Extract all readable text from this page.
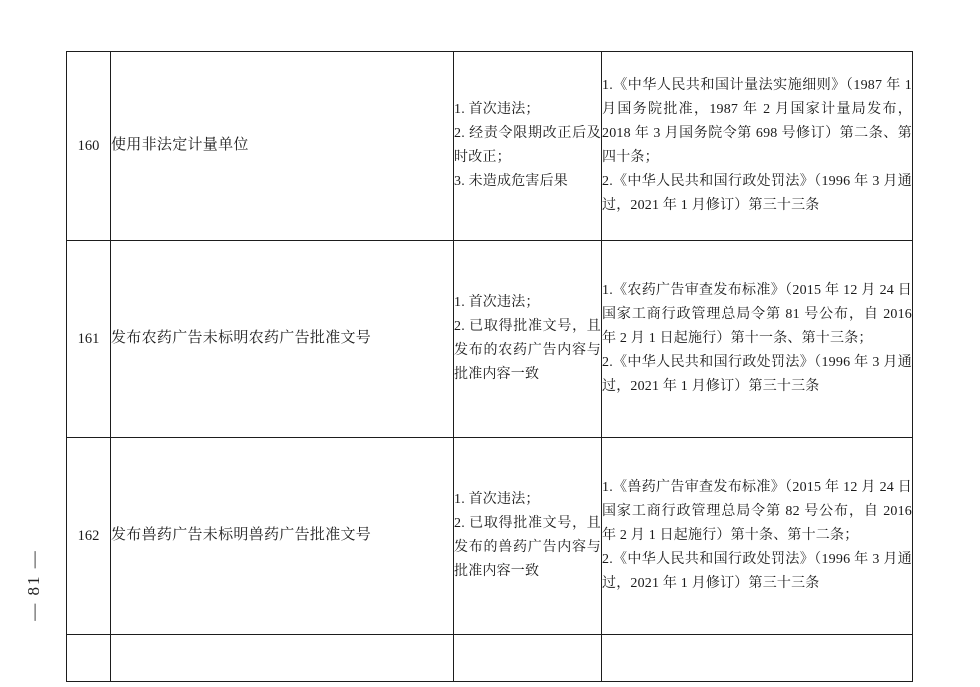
— 81 —
160	使用非法定计量单位	1. 首次违法；
2. 经责令限期改正后及时改正；
3. 未造成危害后果	1.《中华人民共和国计量法实施细则》（1987 年 1 月国务院批准，1987 年 2 月国家计量局发布，2018 年 3 月国务院令第 698 号修订）第二条、第四十条；
2.《中华人民共和国行政处罚法》（1996 年 3 月通过，2021 年 1 月修订）第三十三条

161	发布农药广告未标明农药广告批准文号	1. 首次违法；
2. 已取得批准文号，且发布的农药广告内容与批准内容一致	1.《农药广告审查发布标准》（2015 年 12 月 24 日国家工商行政管理总局令第 81 号公布，自 2016 年 2 月 1 日起施行）第十一条、第十三条；
2.《中华人民共和国行政处罚法》（1996 年 3 月通过，2021 年 1 月修订）第三十三条

162	发布兽药广告未标明兽药广告批准文号	1. 首次违法；
2. 已取得批准文号，且发布的兽药广告内容与批准内容一致	1.《兽药广告审查发布标准》（2015 年 12 月 24 日国家工商行政管理总局令第 82 号公布，自 2016 年 2 月 1 日起施行）第十条、第十二条；
2.《中华人民共和国行政处罚法》（1996 年 3 月通过，2021 年 1 月修订）第三十三条
